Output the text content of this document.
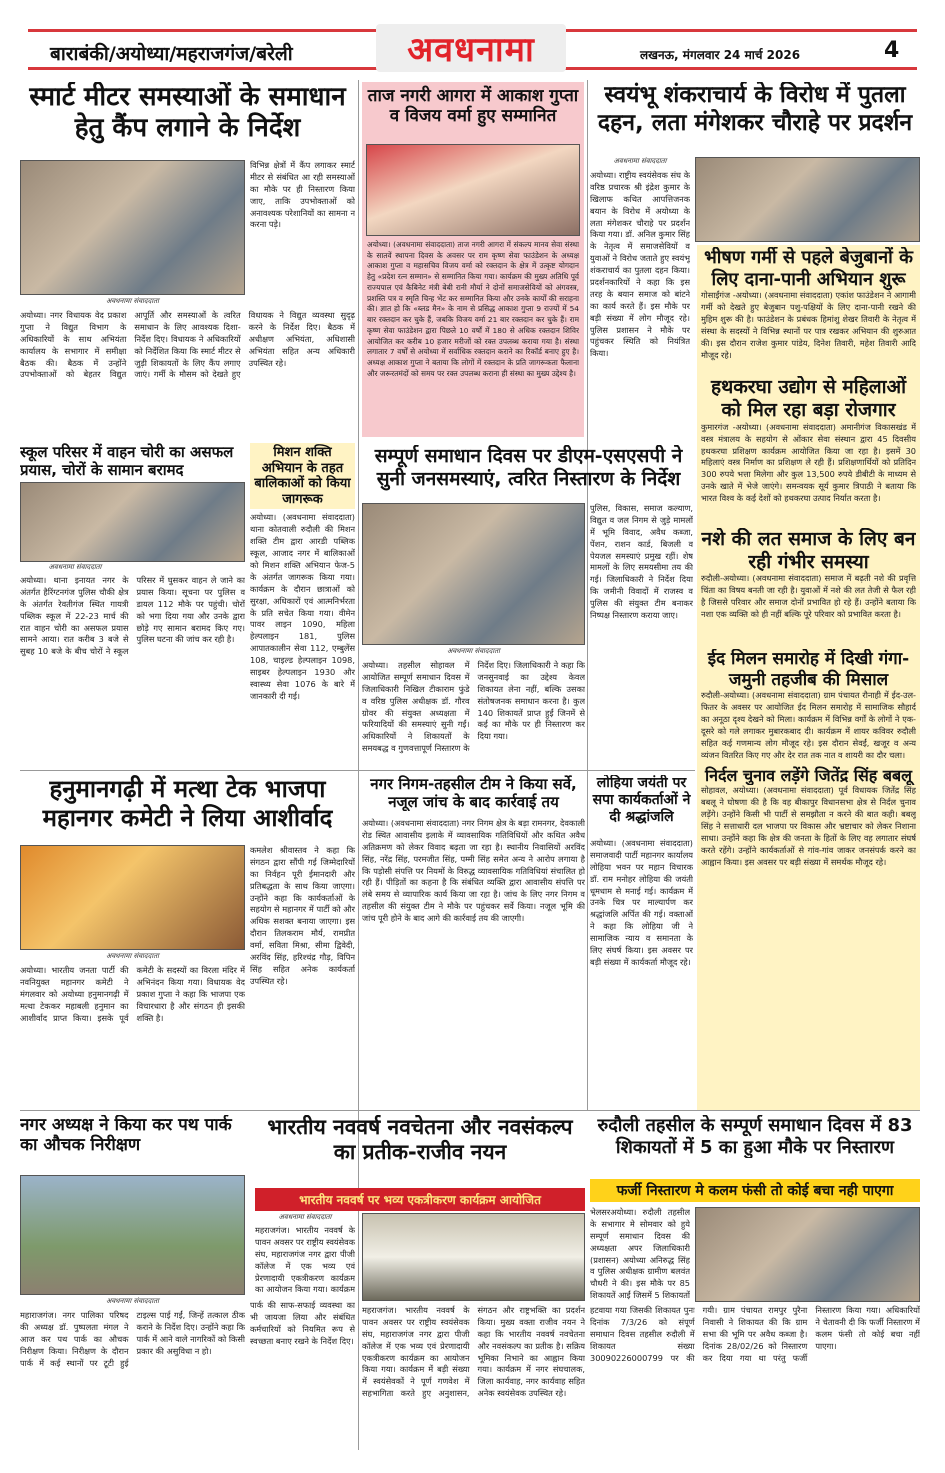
बाराबंकी/अयोध्या/महराजगंज/बरेली	अवधनामा	लखनऊ, मंगलवार 24 मार्च 2026	4
स्मार्ट मीटर समस्याओं के समाधान हेतु कैंप लगाने के निर्देश
अवधनामा संवाददाता
विभिन्न क्षेत्रों में कैंप लगाकर स्मार्ट मीटर से संबंधित आ रही समस्याओं का मौके पर ही निस्तारण किया जाए, ताकि उपभोक्ताओं को अनावश्यक परेशानियों का सामना न करना पड़े।
अयोध्या। नगर विधायक वेद प्रकाश गुप्ता ने विद्युत विभाग के अधिकारियों के साथ अभियंता कार्यालय के सभागार में समीक्षा बैठक की। बैठक में उन्होंने उपभोक्ताओं को बेहतर विद्युत आपूर्ति और समस्याओं के त्वरित समाधान के लिए आवश्यक दिशा-निर्देश दिए। विधायक ने अधिकारियों को निर्देशित किया कि स्मार्ट मीटर से जुड़ी शिकायतों के लिए कैंप लगाए जाएं। गर्मी के मौसम को देखते हुए विधायक ने विद्युत व्यवस्था सुदृढ़ करने के निर्देश दिए। बैठक में अधीक्षण अभियंता, अधिशासी अभियंता सहित अन्य अधिकारी उपस्थित रहे।
ताज नगरी आगरा में आकाश गुप्ता व विजय वर्मा हुए सम्मानित
अयोध्या। (अवधनामा संवाददाता) ताज नगरी आगरा में संकल्प मानव सेवा संस्था के सातवें स्थापना दिवस के अवसर पर राम कृष्ण सेवा फाउंडेशन के अध्यक्ष आकाश गुप्ता व महासचिव विजय वर्मा को रक्तदान के क्षेत्र में उत्कृष्ट योगदान हेतु «प्रदेश रत्न सम्मान» से सम्मानित किया गया। कार्यक्रम की मुख्य अतिथि पूर्व राज्यपाल एवं कैबिनेट मंत्री बेबी रानी मौर्या ने दोनों समाजसेवियों को अंगवस्त्र, प्रशस्ति पत्र व स्मृति चिन्ह भेंट कर सम्मानित किया और उनके कार्यों की सराहना की। ज्ञात हो कि «ब्लड मैन» के नाम से प्रसिद्ध आकाश गुप्ता 9 राज्यों में 54 बार रक्तदान कर चुके हैं, जबकि विजय वर्मा 21 बार रक्तदान कर चुके हैं। राम कृष्ण सेवा फाउंडेशन द्वारा पिछले 10 वर्षों में 180 से अधिक रक्तदान शिविर आयोजित कर करीब 10 हजार मरीजों को रक्त उपलब्ध कराया गया है। संस्था लगातार 7 वर्षों से अयोध्या में सर्वाधिक रक्तदान कराने का रिकॉर्ड बनाए हुए है। अध्यक्ष आकाश गुप्ता ने बताया कि लोगों में रक्तदान के प्रति जागरूकता फैलाना और जरूरतमंदों को समय पर रक्त उपलब्ध कराना ही संस्था का मुख्य उद्देश्य है।
स्वयंभू शंकराचार्य के विरोध में पुतला दहन, लता मंगेशकर चौराहे पर प्रदर्शन
अवधनामा संवाददाता
अयोध्या। राष्ट्रीय स्वयंसेवक संघ के वरिष्ठ प्रचारक श्री इंद्रेश कुमार के खिलाफ कथित आपत्तिजनक बयान के विरोध में अयोध्या के लता मंगेशकर चौराहे पर प्रदर्शन किया गया। डॉ. अनिल कुमार सिंह के नेतृत्व में समाजसेवियों व युवाओं ने विरोध जताते हुए स्वयंभू शंकराचार्य का पुतला दहन किया। प्रदर्शनकारियों ने कहा कि इस तरह के बयान समाज को बांटने का कार्य करते हैं। इस मौके पर बड़ी संख्या में लोग मौजूद रहे। पुलिस प्रशासन ने मौके पर पहुंचकर स्थिति को नियंत्रित किया।
भीषण गर्मी से पहले बेजुबानों के लिए दाना-पानी अभियान शुरू
गोसाईंगंज -अयोध्या। (अवधनामा संवाददाता) एकांश फाउंडेशन ने आगामी गर्मी को देखते हुए बेजुबान पशु-पक्षियों के लिए दाना-पानी रखने की मुहिम शुरू की है। फाउंडेशन के प्रबंधक हिमांशु शेखर तिवारी के नेतृत्व में संस्था के सदस्यों ने विभिन्न स्थानों पर पात्र रखकर अभियान की शुरुआत की। इस दौरान राजेश कुमार पांडेय, दिनेश तिवारी, महेश तिवारी आदि मौजूद रहे।
हथकरघा उद्योग से महिलाओं को मिल रहा बड़ा रोजगार
कुमारगंज -अयोध्या। (अवधनामा संवाददाता) अमानीगंज विकासखंड में वस्त्र मंत्रालय के सहयोग से ओंकार सेवा संस्थान द्वारा 45 दिवसीय हथकरघा प्रशिक्षण कार्यक्रम आयोजित किया जा रहा है। इसमें 30 महिलाएं वस्त्र निर्माण का प्रशिक्षण ले रही हैं। प्रशिक्षणार्थियों को प्रतिदिन 300 रुपये भत्ता मिलेगा और कुल 13,500 रुपये डीबीटी के माध्यम से उनके खाते में भेजे जाएंगे। समन्वयक सूर्य कुमार त्रिपाठी ने बताया कि भारत विश्व के कई देशों को हथकरघा उत्पाद निर्यात करता है।
नशे की लत समाज के लिए बन रही गंभीर समस्या
रुदौली-अयोध्या। (अवधनामा संवाददाता) समाज में बढ़ती नशे की प्रवृत्ति चिंता का विषय बनती जा रही है। युवाओं में नशे की लत तेजी से फैल रही है जिससे परिवार और समाज दोनों प्रभावित हो रहे हैं। उन्होंने बताया कि नशा एक व्यक्ति को ही नहीं बल्कि पूरे परिवार को प्रभावित करता है।
ईद मिलन समारोह में दिखी गंगा-जमुनी तहजीब की मिसाल
रुदौली-अयोध्या। (अवधनामा संवाददाता) ग्राम पंचायत रौनाही में ईद-उल-फितर के अवसर पर आयोजित ईद मिलन समारोह में सामाजिक सौहार्द का अनूठा दृश्य देखने को मिला। कार्यक्रम में विभिन्न वर्गों के लोगों ने एक-दूसरे को गले लगाकर मुबारकबाद दी। कार्यक्रम में शायर कविवर रुदौली सहित कई गणमान्य लोग मौजूद रहे। इस दौरान सेवईं, खजूर व अन्य व्यंजन वितरित किए गए और देर रात तक नात व शायरी का दौर चला।
निर्दल चुनाव लड़ेंगे जितेंद्र सिंह बबलू
सोहावल, अयोध्या। (अवधनामा संवाददाता) पूर्व विधायक जितेंद्र सिंह बबलू ने घोषणा की है कि वह बीकापुर विधानसभा क्षेत्र से निर्दल चुनाव लड़ेंगे। उन्होंने किसी भी पार्टी से समझौता न करने की बात कही। बबलू सिंह ने सत्ताधारी दल भाजपा पर विकास और भ्रष्टाचार को लेकर निशाना साधा। उन्होंने कहा कि क्षेत्र की जनता के हितों के लिए वह लगातार संघर्ष करते रहेंगे। उन्होंने कार्यकर्ताओं से गांव-गांव जाकर जनसंपर्क करने का आह्वान किया। इस अवसर पर बड़ी संख्या में समर्थक मौजूद रहे।
स्कूल परिसर में वाहन चोरी का असफल प्रयास, चोरों के सामान बरामद
अवधनामा संवाददाता
अयोध्या। थाना इनायत नगर के अंतर्गत हैरिंग्टनगंज पुलिस चौकी क्षेत्र के अंतर्गत रेवतीगंज स्थित गायत्री पब्लिक स्कूल में 22-23 मार्च की रात वाहन चोरी का असफल प्रयास सामने आया। रात करीब 3 बजे से सुबह 10 बजे के बीच चोरों ने स्कूल परिसर में घुसकर वाहन ले जाने का प्रयास किया। सूचना पर पुलिस व डायल 112 मौके पर पहुंची। चोरों को भगा दिया गया और उनके द्वारा छोड़े गए सामान बरामद किए गए। पुलिस घटना की जांच कर रही है।
मिशन शक्ति अभियान के तहत बालिकाओं को किया जागरूक
अयोध्या। (अवधनामा संवाददाता) थाना कोतवाली रुदौली की मिशन शक्ति टीम द्वारा आरडी पब्लिक स्कूल, आजाद नगर में बालिकाओं को मिशन शक्ति अभियान फेज-5 के अंतर्गत जागरूक किया गया। कार्यक्रम के दौरान छात्राओं को सुरक्षा, अधिकारों एवं आत्मनिर्भरता के प्रति सचेत किया गया। वीमेन पावर लाइन 1090, महिला हेल्पलाइन 181, पुलिस आपातकालीन सेवा 112, एम्बुलेंस 108, चाइल्ड हेल्पलाइन 1098, साइबर हेल्पलाइन 1930 और स्वास्थ्य सेवा 1076 के बारे में जानकारी दी गई।
सम्पूर्ण समाधान दिवस पर डीएम-एसएसपी ने सुनी जनसमस्याएं, त्वरित निस्तारण के निर्देश
अवधनामा संवाददाता
पुलिस, विकास, समाज कल्याण, विद्युत व जल निगम से जुड़े मामलों में भूमि विवाद, अवैध कब्जा, पेंशन, राशन कार्ड, बिजली व पेयजल समस्याएं प्रमुख रहीं। शेष मामलों के लिए समयसीमा तय की गई। जिलाधिकारी ने निर्देश दिया कि जमीनी विवादों में राजस्व व पुलिस की संयुक्त टीम बनाकर निष्पक्ष निस्तारण कराया जाए।
अयोध्या। तहसील सोहावल में आयोजित सम्पूर्ण समाधान दिवस में जिलाधिकारी निखिल टीकाराम फुंडे व वरिष्ठ पुलिस अधीक्षक डॉ. गौरव ग्रोवर की संयुक्त अध्यक्षता में फरियादियों की समस्याएं सुनी गईं। अधिकारियों ने शिकायतों के समयबद्ध व गुणवत्तापूर्ण निस्तारण के निर्देश दिए। जिलाधिकारी ने कहा कि जनसुनवाई का उद्देश्य केवल शिकायत लेना नहीं, बल्कि उसका संतोषजनक समाधान करना है। कुल 140 शिकायतें प्राप्त हुईं जिनमें से कई का मौके पर ही निस्तारण कर दिया गया।
हनुमानगढ़ी में मत्था टेक भाजपा महानगर कमेटी ने लिया आशीर्वाद
अवधनामा संवाददाता
कमलेश श्रीवास्तव ने कहा कि संगठन द्वारा सौंपी गई जिम्मेदारियों का निर्वहन पूरी ईमानदारी और प्रतिबद्धता के साथ किया जाएगा। उन्होंने कहा कि कार्यकर्ताओं के सहयोग से महानगर में पार्टी को और अधिक सशक्त बनाया जाएगा। इस दौरान तिलकराम मौर्य, रामप्रीत वर्मा, सविता मिश्रा, सीमा द्विवेदी, अरविंद सिंह, हरिश्चंद्र गौड़, विपिन सिंह सहित अनेक कार्यकर्ता उपस्थित रहे।
अयोध्या। भारतीय जनता पार्टी की नवनियुक्त महानगर कमेटी ने मंगलवार को अयोध्या हनुमानगढ़ी में मत्था टेककर महाबली हनुमान का आशीर्वाद प्राप्त किया। इसके पूर्व कमेटी के सदस्यों का विरला मंदिर में अभिनंदन किया गया। विधायक वेद प्रकाश गुप्ता ने कहा कि भाजपा एक विचारधारा है और संगठन ही इसकी शक्ति है।
नगर निगम-तहसील टीम ने किया सर्वे, नजूल जांच के बाद कार्रवाई तय
अयोध्या। (अवधनामा संवाददाता) नगर निगम क्षेत्र के बड़ा रामनगर, देवकाली रोड स्थित आवासीय इलाके में व्यावसायिक गतिविधियों और कथित अवैध अतिक्रमण को लेकर विवाद बढ़ता जा रहा है। स्थानीय निवासियों अरविंद सिंह, नरेंद्र सिंह, परमजीत सिंह, पम्मी सिंह समेत अन्य ने आरोप लगाया है कि पड़ोसी संपत्ति पर नियमों के विरुद्ध व्यावसायिक गतिविधियां संचालित हो रही हैं। पीड़ितों का कहना है कि संबंधित व्यक्ति द्वारा आवासीय संपत्ति पर लंबे समय से व्यापारिक कार्य किया जा रहा है। जांच के लिए नगर निगम व तहसील की संयुक्त टीम ने मौके पर पहुंचकर सर्वे किया। नजूल भूमि की जांच पूरी होने के बाद आगे की कार्रवाई तय की जाएगी।
लोहिया जयंती पर सपा कार्यकर्ताओं ने दी श्रद्धांजलि
अयोध्या। (अवधनामा संवाददाता) समाजवादी पार्टी महानगर कार्यालय लोहिया भवन पर महान विचारक डॉ. राम मनोहर लोहिया की जयंती धूमधाम से मनाई गई। कार्यक्रम में उनके चित्र पर माल्यार्पण कर श्रद्धांजलि अर्पित की गई। वक्ताओं ने कहा कि लोहिया जी ने सामाजिक न्याय व समानता के लिए संघर्ष किया। इस अवसर पर बड़ी संख्या में कार्यकर्ता मौजूद रहे।
नगर अध्यक्ष ने किया कर पथ पार्क का औचक निरीक्षण
अवधनामा संवाददाता
महाराजगंज। नगर पालिका परिषद की अध्यक्ष डॉ. पुष्पलता मंगल ने आज कर पथ पार्क का औचक निरीक्षण किया। निरीक्षण के दौरान पार्क में कई स्थानों पर टूटी हुई टाइल्स पाई गईं, जिन्हें तत्काल ठीक कराने के निर्देश दिए। उन्होंने कहा कि पार्क में आने वाले नागरिकों को किसी प्रकार की असुविधा न हो।
पार्क की साफ-सफाई व्यवस्था का भी जायजा लिया और संबंधित कर्मचारियों को नियमित रूप से स्वच्छता बनाए रखने के निर्देश दिए।
भारतीय नववर्ष नवचेतना और नवसंकल्प का प्रतीक-राजीव नयन
भारतीय नववर्ष पर भव्य एकत्रीकरण कार्यक्रम आयोजित
अवधनामा संवाददाता
महराजगंज। भारतीय नववर्ष के पावन अवसर पर राष्ट्रीय स्वयंसेवक संघ, महाराजगंज नगर द्वारा पीजी कॉलेज में एक भव्य एवं प्रेरणादायी एकत्रीकरण कार्यक्रम का आयोजन किया गया। कार्यक्रम
महराजगंज। भारतीय नववर्ष के पावन अवसर पर राष्ट्रीय स्वयंसेवक संघ, महाराजगंज नगर द्वारा पीजी कॉलेज में एक भव्य एवं प्रेरणादायी एकत्रीकरण कार्यक्रम का आयोजन किया गया। कार्यक्रम में बड़ी संख्या में स्वयंसेवकों ने पूर्ण गणवेश में सहभागिता करते हुए अनुशासन, संगठन और राष्ट्रभक्ति का प्रदर्शन किया। मुख्य वक्ता राजीव नयन ने कहा कि भारतीय नववर्ष नवचेतना और नवसंकल्प का प्रतीक है। सक्रिय भूमिका निभाने का आह्वान किया गया। कार्यक्रम में नगर संघचालक, जिला कार्यवाह, नगर कार्यवाह सहित अनेक स्वयंसेवक उपस्थित रहे।
रुदौली तहसील के सम्पूर्ण समाधान दिवस में 83 शिकायतों में 5 का हुआ मौके पर निस्तारण
फर्जी निस्तारण मे कलम फंसी तो कोई बचा नही पाएगा
भेलसरअयोध्या। रुदौली तहसील के सभागार मे सोमवार को हुये सम्पूर्ण समाधान दिवस की अध्यक्षता अपर जिलाधिकारी (प्रशासन) अयोध्या अनिरुद्ध सिंह व पुलिस अधीक्षक ग्रामीण बलवंत चौधरी ने की। इस मौके पर 85 शिकायतें आईं जिसमें 5 शिकायतों
हटवाया गया जिसकी शिकायत पुनः दिनांक 7/3/26 को संपूर्ण समाधान दिवस तहसील रुदौली में शिकायत संख्या 30090226000799 पर की गयी। ग्राम पंचायत रामपुर पुरैना निवासी ने शिकायत की कि ग्राम सभा की भूमि पर अवैध कब्जा है। दिनांक 28/02/26 को निस्तारण कर दिया गया था परंतु फर्जी निस्तारण किया गया। अधिकारियों ने चेतावनी दी कि फर्जी निस्तारण में कलम फंसी तो कोई बचा नहीं पाएगा।
